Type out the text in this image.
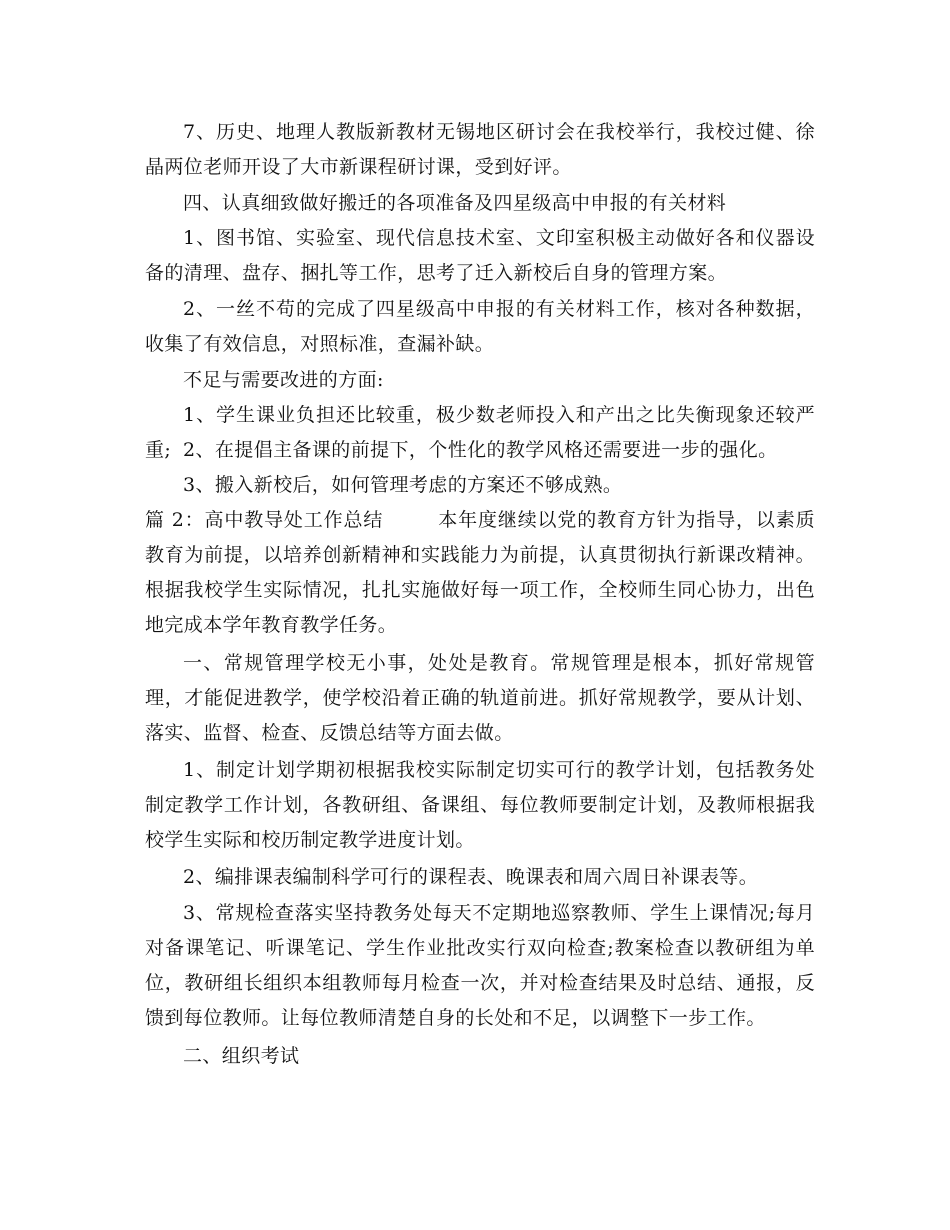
7、历史、地理人教版新教材无锡地区研讨会在我校举行，我校过健、徐晶两位老师开设了大市新课程研讨课，受到好评。

四、认真细致做好搬迁的各项准备及四星级高中申报的有关材料

1、图书馆、实验室、现代信息技术室、文印室积极主动做好各和仪器设备的清理、盘存、捆扎等工作，思考了迁入新校后自身的管理方案。

2、一丝不苟的完成了四星级高中申报的有关材料工作，核对各种数据，收集了有效信息，对照标准，查漏补缺。

不足与需要改进的方面:

1、学生课业负担还比较重，极少数老师投入和产出之比失衡现象还较严重; 2、在提倡主备课的前提下，个性化的教学风格还需要进一步的强化。

3、搬入新校后，如何管理考虑的方案还不够成熟。

篇 2：高中教导处工作总结        本年度继续以党的教育方针为指导，以素质教育为前提，以培养创新精神和实践能力为前提，认真贯彻执行新课改精神。根据我校学生实际情况，扎扎实施做好每一项工作，全校师生同心协力，出色地完成本学年教育教学任务。

一、常规管理学校无小事，处处是教育。常规管理是根本，抓好常规管理，才能促进教学，使学校沿着正确的轨道前进。抓好常规教学，要从计划、落实、监督、检查、反馈总结等方面去做。

1、制定计划学期初根据我校实际制定切实可行的教学计划，包括教务处制定教学工作计划，各教研组、备课组、每位教师要制定计划，及教师根据我校学生实际和校历制定教学进度计划。

2、编排课表编制科学可行的课程表、晚课表和周六周日补课表等。

3、常规检查落实坚持教务处每天不定期地巡察教师、学生上课情况;每月对备课笔记、听课笔记、学生作业批改实行双向检查;教案检查以教研组为单位，教研组长组织本组教师每月检查一次，并对检查结果及时总结、通报，反馈到每位教师。让每位教师清楚自身的长处和不足，以调整下一步工作。

二、组织考试
